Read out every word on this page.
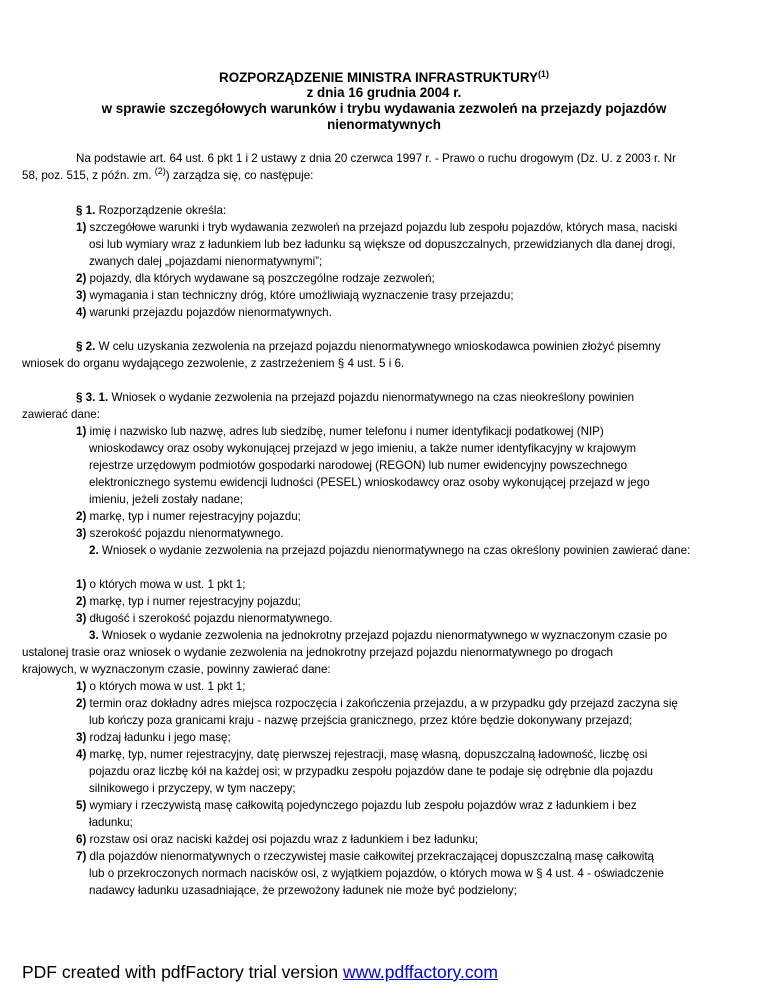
ROZPORZĄDZENIE MINISTRA INFRASTRUKTURY$^{(1)}$
z dnia 16 grudnia 2004 r.
w sprawie szczegółowych warunków i trybu wydawania zezwoleń na przejazdy pojazdów
nienormatywnych
Na podstawie art. 64 ust. 6 pkt 1 i 2 ustawy z dnia 20 czerwca 1997 r. - Prawo o ruchu drogowym (Dz. U. z 2003 r. Nr
58, poz. 515, z późn. zm. $^{(2)}$) zarządza się, co następuje:
§ 1. Rozporządzenie określa:
1) szczegółowe warunki i tryb wydawania zezwoleń na przejazd pojazdu lub zespołu pojazdów, których masa, naciski
osi lub wymiary wraz z ładunkiem lub bez ładunku są większe od dopuszczalnych, przewidzianych dla danej drogi,
zwanych dalej „pojazdami nienormatywnymi”;
2) pojazdy, dla których wydawane są poszczególne rodzaje zezwoleń;
3) wymagania i stan techniczny dróg, które umożliwiają wyznaczenie trasy przejazdu;
4) warunki przejazdu pojazdów nienormatywnych.
§ 2. W celu uzyskania zezwolenia na przejazd pojazdu nienormatywnego wnioskodawca powinien złożyć pisemny
wniosek do organu wydającego zezwolenie, z zastrzeżeniem § 4 ust. 5 i 6.
§ 3. 1. Wniosek o wydanie zezwolenia na przejazd pojazdu nienormatywnego na czas nieokreślony powinien
zawierać dane:
1) imię i nazwisko lub nazwę, adres lub siedzibę, numer telefonu i numer identyfikacji podatkowej (NIP)
wnioskodawcy oraz osoby wykonującej przejazd w jego imieniu, a także numer identyfikacyjny w krajowym
rejestrze urzędowym podmiotów gospodarki narodowej (REGON) lub numer ewidencyjny powszechnego
elektronicznego systemu ewidencji ludności (PESEL) wnioskodawcy oraz osoby wykonującej przejazd w jego
imieniu, jeżeli zostały nadane;
2) markę, typ i numer rejestracyjny pojazdu;
3) szerokość pojazdu nienormatywnego.
2. Wniosek o wydanie zezwolenia na przejazd pojazdu nienormatywnego na czas określony powinien zawierać dane:
1) o których mowa w ust. 1 pkt 1;
2) markę, typ i numer rejestracyjny pojazdu;
3) długość i szerokość pojazdu nienormatywnego.
3. Wniosek o wydanie zezwolenia na jednokrotny przejazd pojazdu nienormatywnego w wyznaczonym czasie po
ustalonej trasie oraz wniosek o wydanie zezwolenia na jednokrotny przejazd pojazdu nienormatywnego po drogach
krajowych, w wyznaczonym czasie, powinny zawierać dane:
1) o których mowa w ust. 1 pkt 1;
2) termin oraz dokładny adres miejsca rozpoczęcia i zakończenia przejazdu, a w przypadku gdy przejazd zaczyna się
lub kończy poza granicami kraju - nazwę przejścia granicznego, przez które będzie dokonywany przejazd;
3) rodzaj ładunku i jego masę;
4) markę, typ, numer rejestracyjny, datę pierwszej rejestracji, masę własną, dopuszczalną ładowność, liczbę osi
pojazdu oraz liczbę kół na każdej osi; w przypadku zespołu pojazdów dane te podaje się odrębnie dla pojazdu
silnikowego i przyczepy, w tym naczepy;
5) wymiary i rzeczywistą masę całkowitą pojedynczego pojazdu lub zespołu pojazdów wraz z ładunkiem i bez
ładunku;
6) rozstaw osi oraz naciski każdej osi pojazdu wraz z ładunkiem i bez ładunku;
7) dla pojazdów nienormatywnych o rzeczywistej masie całkowitej przekraczającej dopuszczalną masę całkowitą
lub o przekroczonych normach nacisków osi, z wyjątkiem pojazdów, o których mowa w § 4 ust. 4 - oświadczenie
nadawcy ładunku uzasadniające, że przewożony ładunek nie może być podzielony;
PDF created with pdfFactory trial version www.pdffactory.com
